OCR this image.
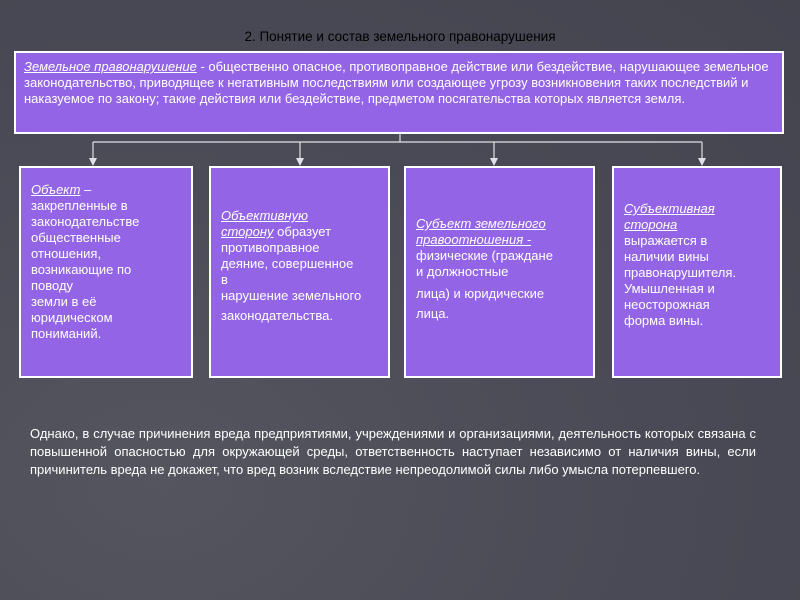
2. Понятие и состав земельного правонарушения
Земельное правонарушение - общественно опасное, противоправное действие или бездействие, нарушающее земельное законодательство, приводящее к негативным последствиям или создающее угрозу возникновения таких последствий и наказуемое по закону; такие действия или бездействие, предметом посягательства которых является земля.
Объект –
закрепленные в
законодательстве
общественные
отношения,
возникающие по
поводу
земли в её
юридическом
пониманий.
Объективную
сторону образует
противоправное
деяние, совершенное
в
нарушение земельного

законодательства.
Субъект земельного
правоотношения -
физические (граждане
и должностные

лица) и юридические
лица.
Субъективная
сторона
выражается в
наличии вины
правонарушителя.
Умышленная и
неосторожная
форма вины.
Однако, в случае причинения вреда предприятиями, учреждениями и организациями, деятельность которых связана с повышенной опасностью для окружающей среды, ответственность наступает независимо от наличия вины, если причинитель вреда не докажет, что вред возник вследствие непреодолимой силы либо умысла потерпевшего.
